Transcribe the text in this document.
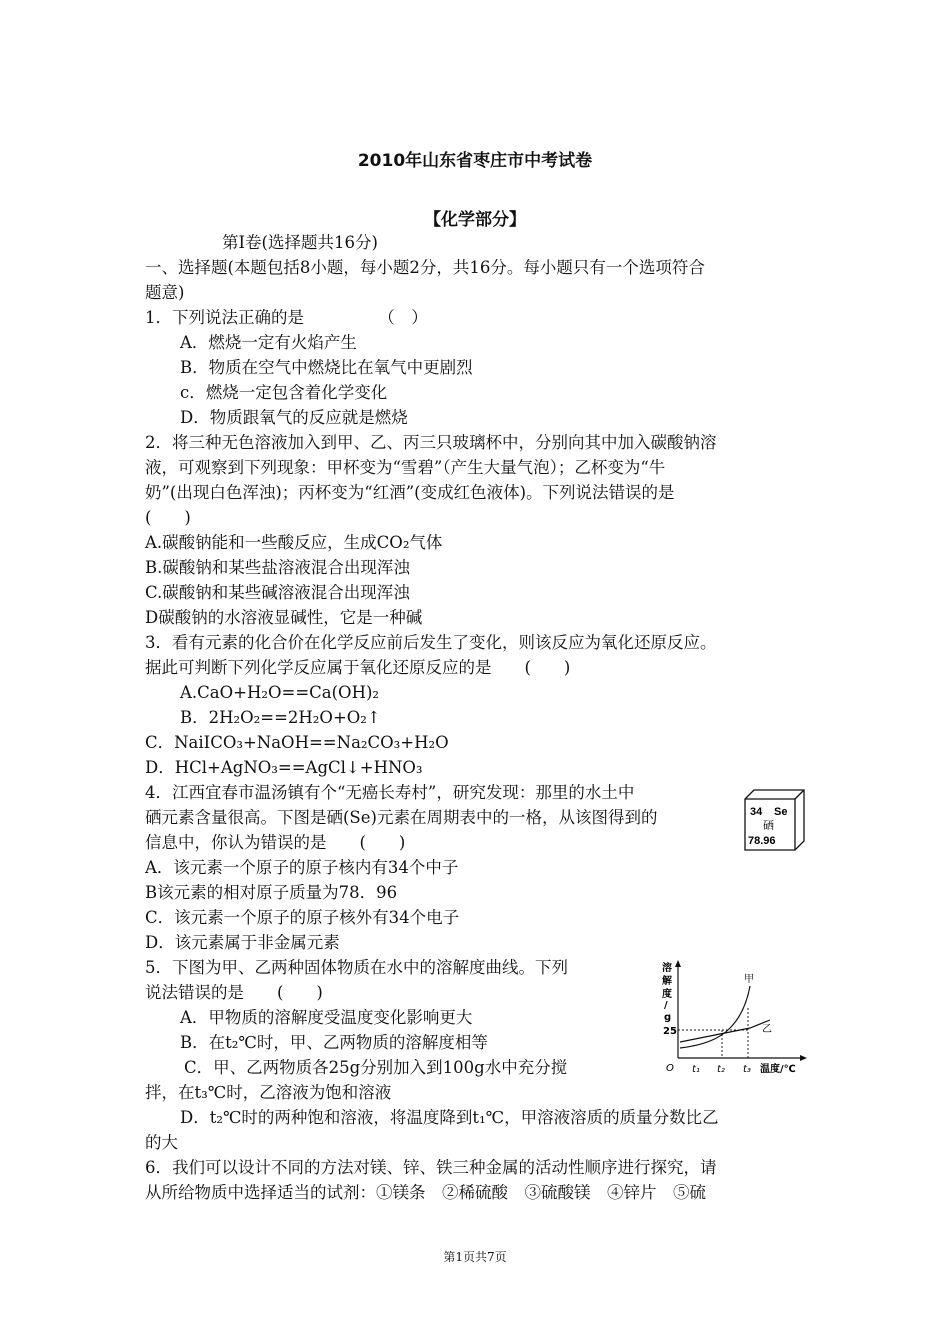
2010年山东省枣庄市中考试卷
【化学部分】
第Ⅰ卷(选择题共16分)
一、选择题(本题包括8小题，每小题2分，共16分。每小题只有一个选项符合
题意)
1．下列说法正确的是　　　　　（　）
A．燃烧一定有火焰产生
B．物质在空气中燃烧比在氧气中更剧烈
c．燃烧一定包含着化学变化
D．物质跟氧气的反应就是燃烧
2．将三种无色溶液加入到甲、乙、丙三只玻璃杯中，分别向其中加入碳酸钠溶
液，可观察到下列现象：甲杯变为“雪碧”（产生大量气泡）；乙杯变为“牛
奶”(出现白色浑浊)；丙杯变为“红酒”(变成红色液体)。下列说法错误的是
(　　)
A.碳酸钠能和一些酸反应，生成CO₂气体
B.碳酸钠和某些盐溶液混合出现浑浊
C.碳酸钠和某些碱溶液混合出现浑浊
D碳酸钠的水溶液显碱性，它是一种碱
3．看有元素的化合价在化学反应前后发生了变化，则该反应为氧化还原反应。
据此可判断下列化学反应属于氧化还原反应的是　　(　　)
A.CaO+H₂O==Ca(OH)₂
B．2H₂O₂==2H₂O+O₂↑
C．NaiICO₃+NaOH==Na₂CO₃+H₂O
D．HCl+AgNO₃==AgCl↓+HNO₃
4．江西宜春市温汤镇有个“无癌长寿村”，研究发现：那里的水土中
硒元素含量很高。下图是硒(Se)元素在周期表中的一格，从该图得到的
信息中，你认为错误的是　　(　　)
A．该元素一个原子的原子核内有34个中子
B该元素的相对原子质量为78．96
C．该元素一个原子的原子核外有34个电子
D．该元素属于非金属元素
34 Se
硒
78.96
5．下图为甲、乙两种固体物质在水中的溶解度曲线。下列
说法错误的是　　(　　)
A．甲物质的溶解度受温度变化影响更大
B．在t₂℃时，甲、乙两物质的溶解度相等
C．甲、乙两物质各25g分别加入到100g水中充分搅
拌，在t₃℃时，乙溶液为饱和溶液
D．t₂℃时的两种饱和溶液，将温度降到t₁℃，甲溶液溶质的质量分数比乙
的大
溶
解
度
/
g
甲
乙
25
O t₁ t₂ t₃ 温度/℃
6．我们可以设计不同的方法对镁、锌、铁三种金属的活动性顺序进行探究，请
从所给物质中选择适当的试剂：①镁条　②稀硫酸　③硫酸镁　④锌片　⑤硫
第1页共7页
